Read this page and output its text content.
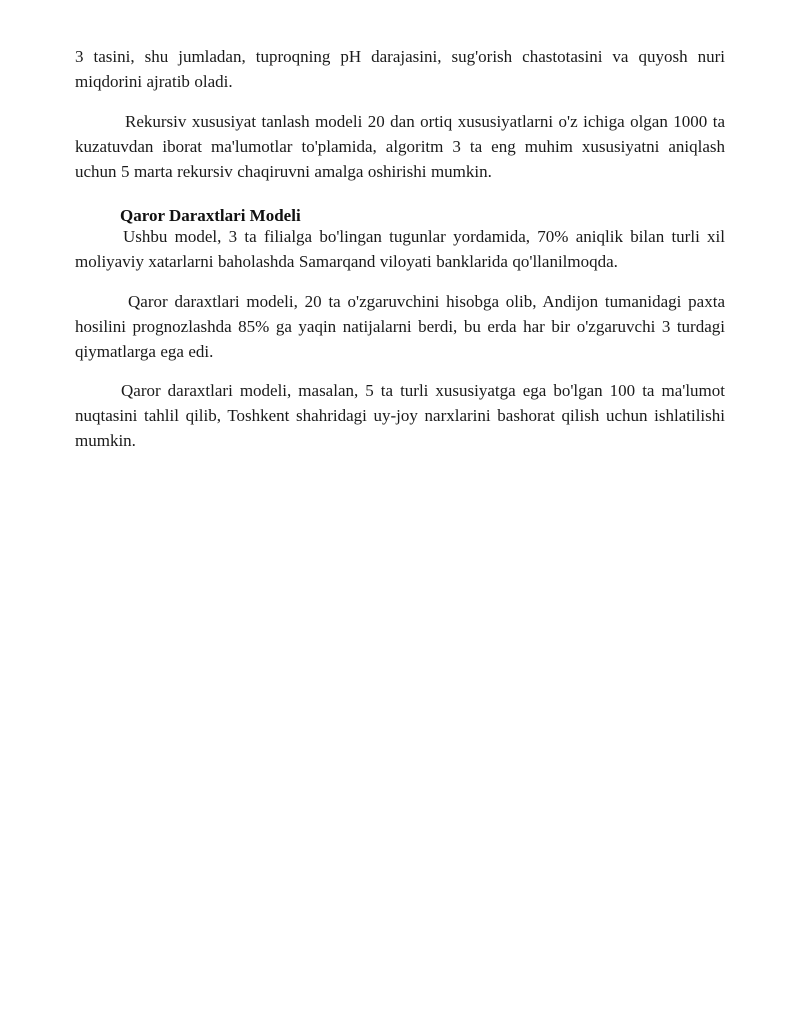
3 tasini, shu jumladan, tuproqning pH darajasini, sug'orish chastotasini va quyosh nuri miqdorini ajratib oladi.

Rekursiv xususiyat tanlash modeli 20 dan ortiq xususiyatlarni o'z ichiga olgan 1000 ta kuzatuvdan iborat ma'lumotlar to'plamida, algoritm 3 ta eng muhim xususiyatni aniqlash uchun 5 marta rekursiv chaqiruvni amalga oshirishi mumkin.

Qaror Daraxtlari Modeli

Ushbu model, 3 ta filialga bo'lingan tugunlar yordamida, 70% aniqlik bilan turli xil moliyaviy xatarlarni baholashda Samarqand viloyati banklarida qo'llanilmoqda.

Qaror daraxtlari modeli, 20 ta o'zgaruvchini hisobga olib, Andijon tumanidagi paxta hosilini prognozlashda 85% ga yaqin natijalarni berdi, bu erda har bir o'zgaruvchi 3 turdagi qiymatlarga ega edi.

Qaror daraxtlari modeli, masalan, 5 ta turli xususiyatga ega bo'lgan 100 ta ma'lumot nuqtasini tahlil qilib, Toshkent shahridagi uy-joy narxlarini bashorat qilish uchun ishlatilishi mumkin.
